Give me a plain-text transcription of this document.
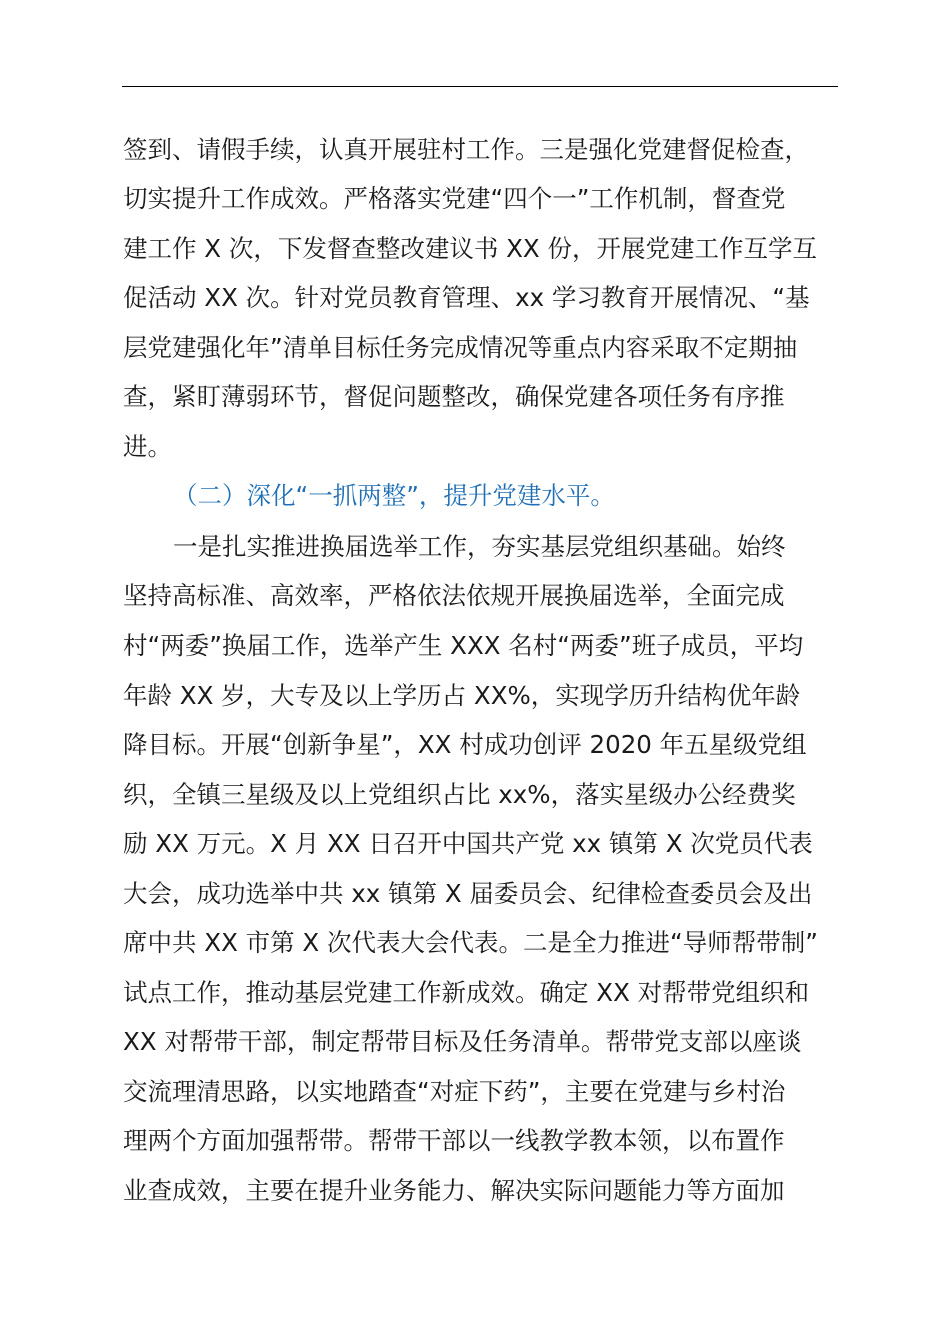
签到、请假手续，认真开展驻村工作。三是强化党建督促检查，
切实提升工作成效。严格落实党建“四个一”工作机制，督查党
建工作 X 次，下发督查整改建议书 XX 份，开展党建工作互学互
促活动 XX 次。针对党员教育管理、xx 学习教育开展情况、“基
层党建强化年”清单目标任务完成情况等重点内容采取不定期抽
查，紧盯薄弱环节，督促问题整改，确保党建各项任务有序推
进。
（二）深化“一抓两整”，提升党建水平。
一是扎实推进换届选举工作，夯实基层党组织基础。始终
坚持高标准、高效率，严格依法依规开展换届选举，全面完成
村“两委”换届工作，选举产生 XXX 名村“两委”班子成员，平均
年龄 XX 岁，大专及以上学历占 XX%，实现学历升结构优年龄
降目标。开展“创新争星”，XX 村成功创评 2020 年五星级党组
织，全镇三星级及以上党组织占比 xx%，落实星级办公经费奖
励 XX 万元。X 月 XX 日召开中国共产党 xx 镇第 X 次党员代表
大会，成功选举中共 xx 镇第 X 届委员会、纪律检查委员会及出
席中共 XX 市第 X 次代表大会代表。二是全力推进“导师帮带制”
试点工作，推动基层党建工作新成效。确定 XX 对帮带党组织和
XX 对帮带干部，制定帮带目标及任务清单。帮带党支部以座谈
交流理清思路，以实地踏查“对症下药”，主要在党建与乡村治
理两个方面加强帮带。帮带干部以一线教学教本领，以布置作
业查成效，主要在提升业务能力、解决实际问题能力等方面加
